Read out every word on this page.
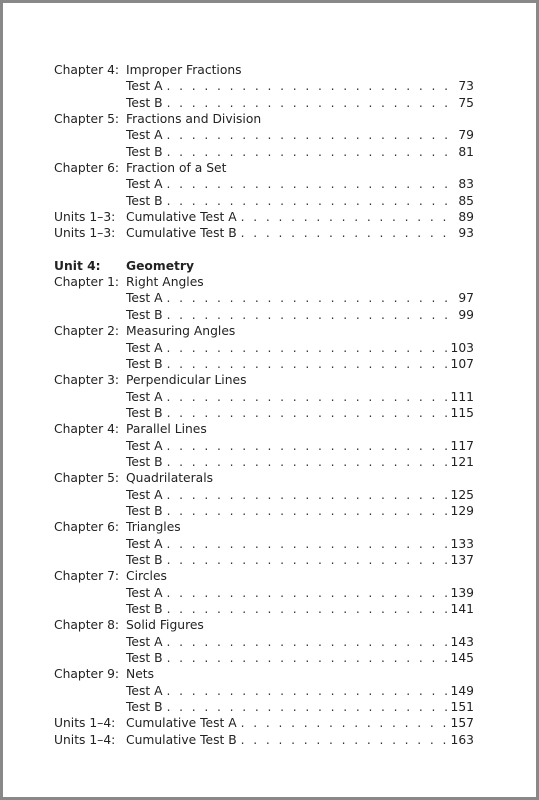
Chapter 4: Improper Fractions
Test A . . .	73
Test B . . .	75
Chapter 5: Fractions and Division
Test A . . .	79
Test B . . .	81
Chapter 6: Fraction of a Set
Test A . . .	83
Test B . . .	85
Units 1–3: Cumulative Test A . . .	89
Units 1–3: Cumulative Test B . . .	93
Unit 4: Geometry
Chapter 1: Right Angles
Test A . . .	97
Test B . . .	99
Chapter 2: Measuring Angles
Test A . . .	103
Test B . . .	107
Chapter 3: Perpendicular Lines
Test A . . .	111
Test B . . .	115
Chapter 4: Parallel Lines
Test A . . .	117
Test B . . .	121
Chapter 5: Quadrilaterals
Test A . . .	125
Test B . . .	129
Chapter 6: Triangles
Test A . . .	133
Test B . . .	137
Chapter 7: Circles
Test A . . .	139
Test B . . .	141
Chapter 8: Solid Figures
Test A . . .	143
Test B . . .	145
Chapter 9: Nets
Test A . . .	149
Test B . . .	151
Units 1–4: Cumulative Test A . . .	157
Units 1–4: Cumulative Test B . . .	163
